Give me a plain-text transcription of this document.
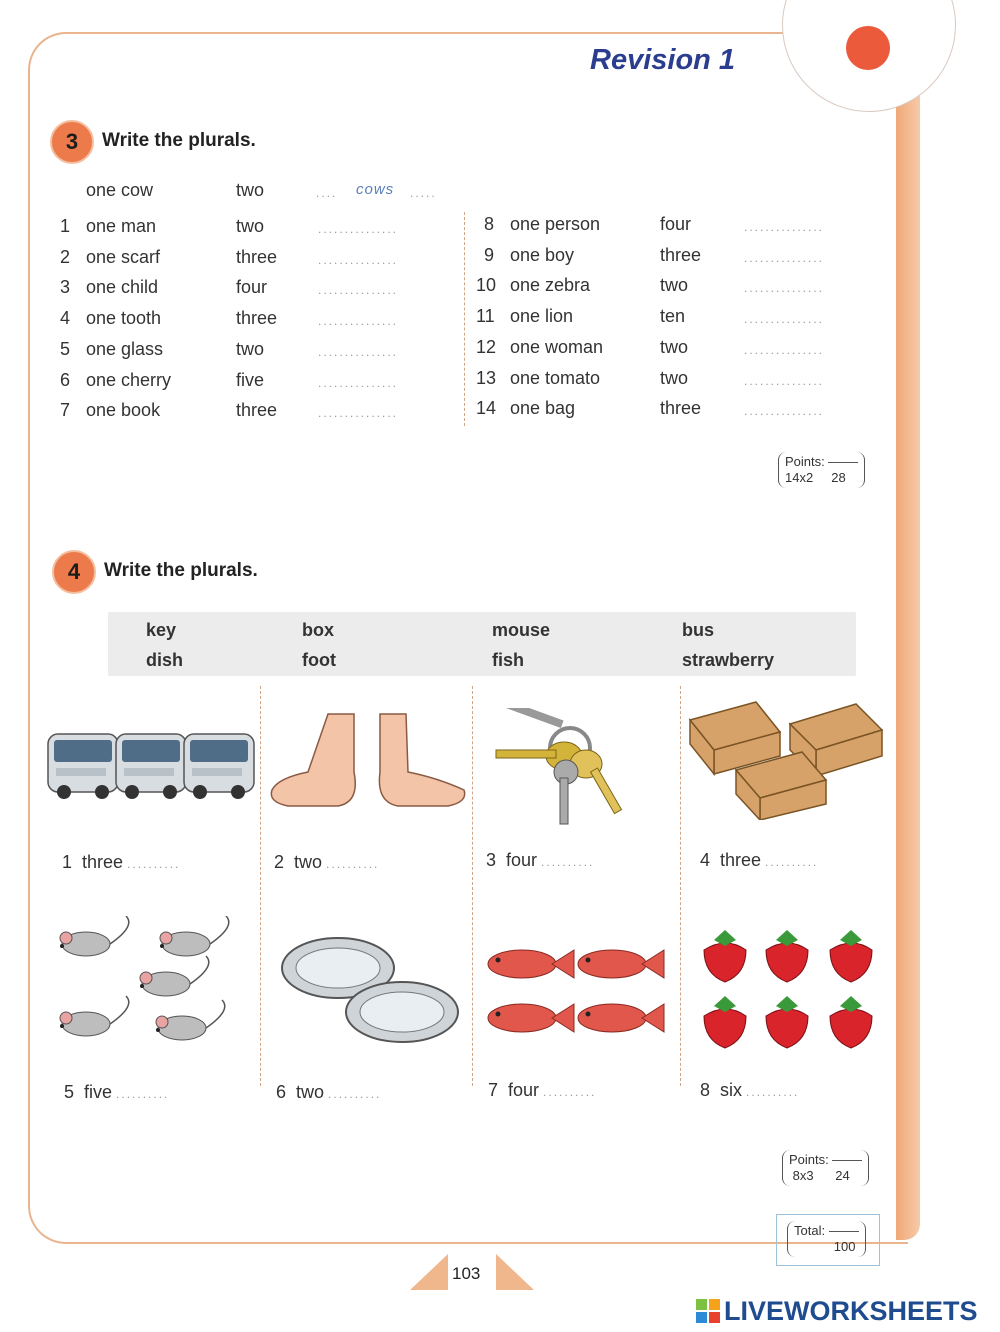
Revision 1
3	Write the plurals.
one cow	two	.... cows .....
1 one man	two	...............
2 one scarf	three	...............
3 one child	four	...............
4 one tooth	three	...............
5 one glass	two	...............
6 one cherry	five	...............
7 one book	three	...............
8 one person	four	...............
9 one boy	three	...............
10 one zebra	two	...............
11 one lion	ten	...............
12 one woman	two	...............
13 one tomato	two	...............
14 one bag	three	...............
Points:
14x2 28
4	Write the plurals.
key	box	mouse	bus
dish	foot	fish	strawberry
1 three ..........	2 two ..........	3 four ..........	4 three ..........
5 five ..........	6 two ..........	7 four ..........	8 six ..........
Points:
8x3 24
Total:
100
103
LIVEWORKSHEETS
